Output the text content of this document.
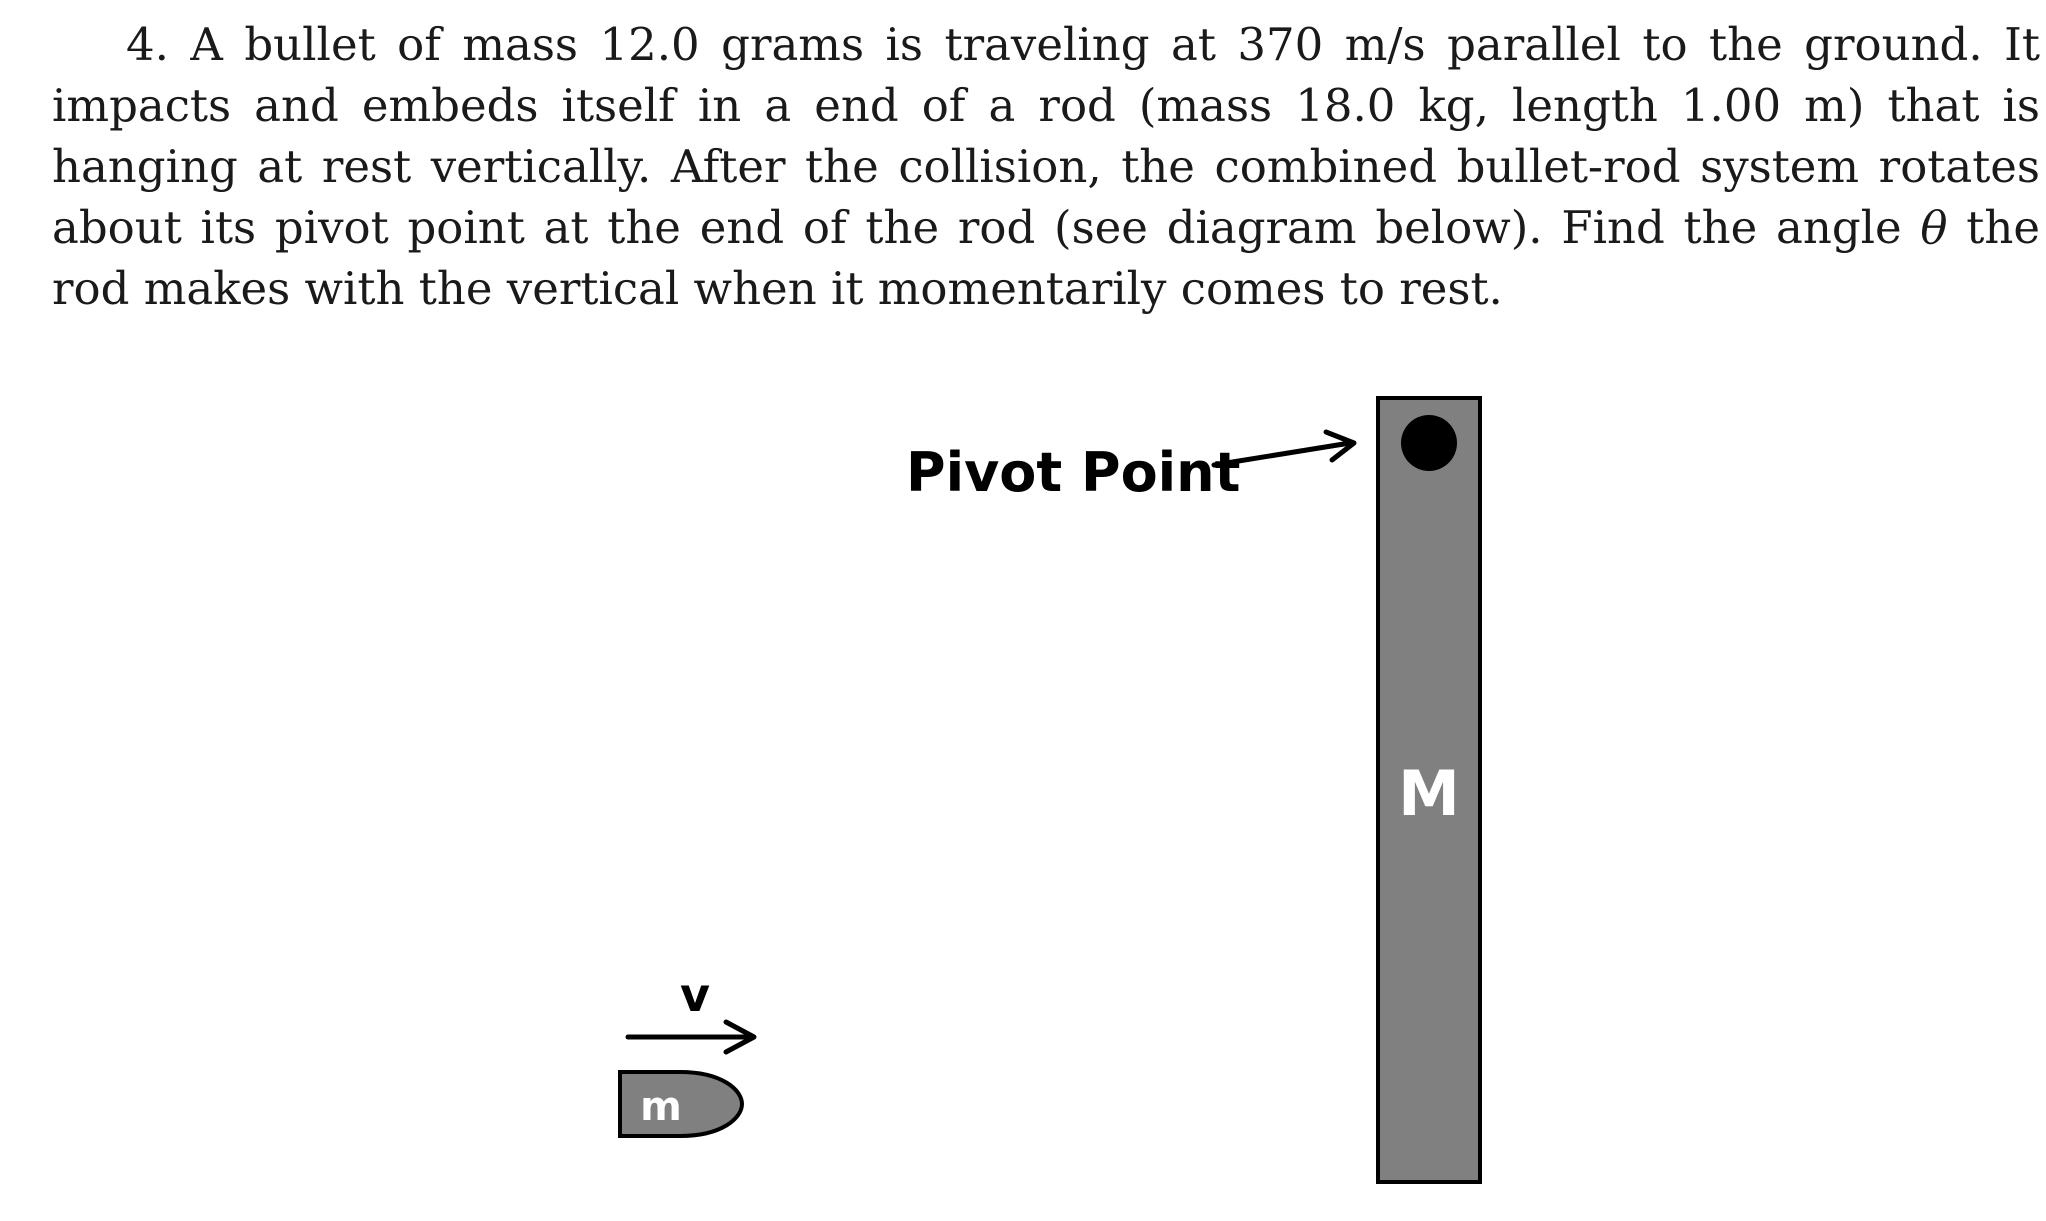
4. A bullet of mass 12.0 grams is traveling at 370 m/s parallel to the ground. It impacts and embeds itself in a end of a rod (mass 18.0 kg, length 1.00 m) that is hanging at rest vertically. After the collision, the combined bullet-rod system rotates about its pivot point at the end of the rod (see diagram below). Find the angle θ the rod makes with the vertical when it momentarily comes to rest.

Pivot Point
M
v
m
